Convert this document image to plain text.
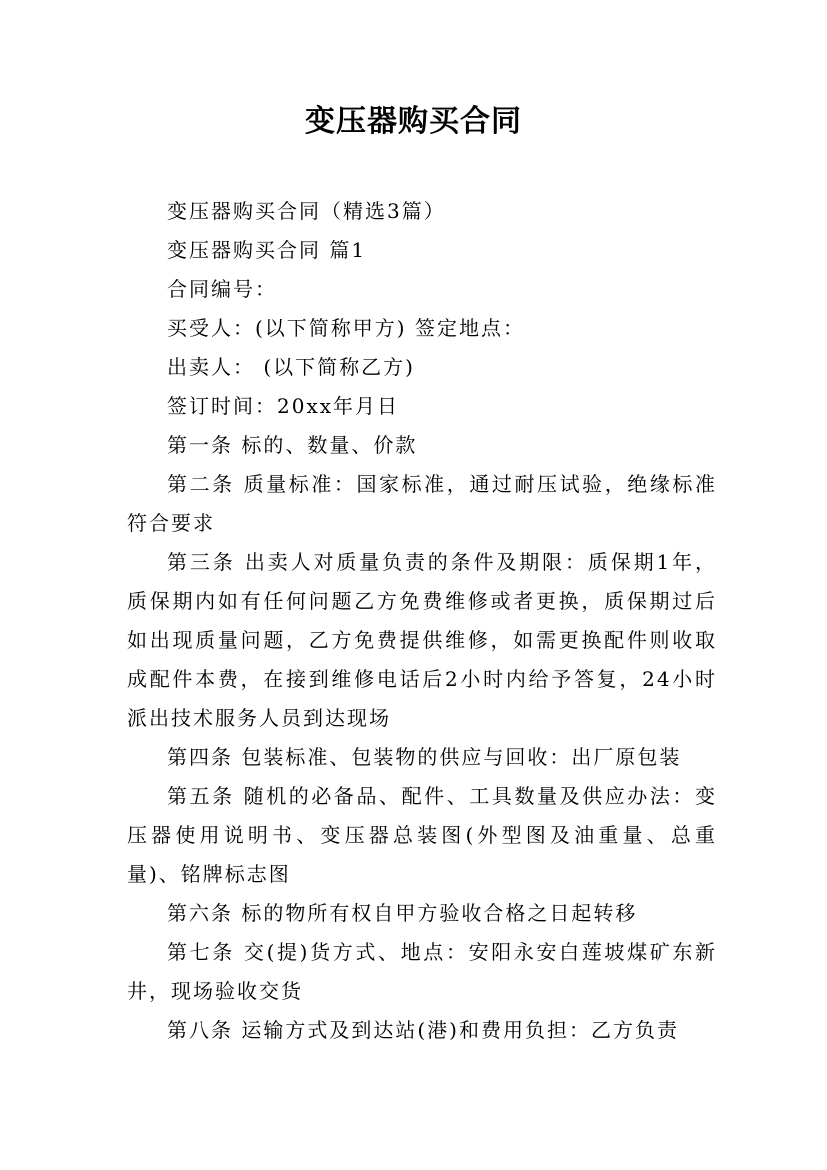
变压器购买合同

变压器购买合同（精选3篇）

变压器购买合同 篇1

合同编号：

买受人：(以下简称甲方) 签定地点：

出卖人： (以下简称乙方)

签订时间：20xx年月日

第一条 标的、数量、价款

第二条 质量标准：国家标准，通过耐压试验，绝缘标准符合要求

第三条 出卖人对质量负责的条件及期限：质保期1年，质保期内如有任何问题乙方免费维修或者更换，质保期过后如出现质量问题，乙方免费提供维修，如需更换配件则收取成配件本费，在接到维修电话后2小时内给予答复，24小时派出技术服务人员到达现场

第四条 包装标准、包装物的供应与回收：出厂原包装

第五条 随机的必备品、配件、工具数量及供应办法：变压器使用说明书、变压器总装图(外型图及油重量、总重量)、铭牌标志图

第六条 标的物所有权自甲方验收合格之日起转移

第七条 交(提)货方式、地点：安阳永安白莲坡煤矿东新井，现场验收交货

第八条 运输方式及到达站(港)和费用负担：乙方负责
